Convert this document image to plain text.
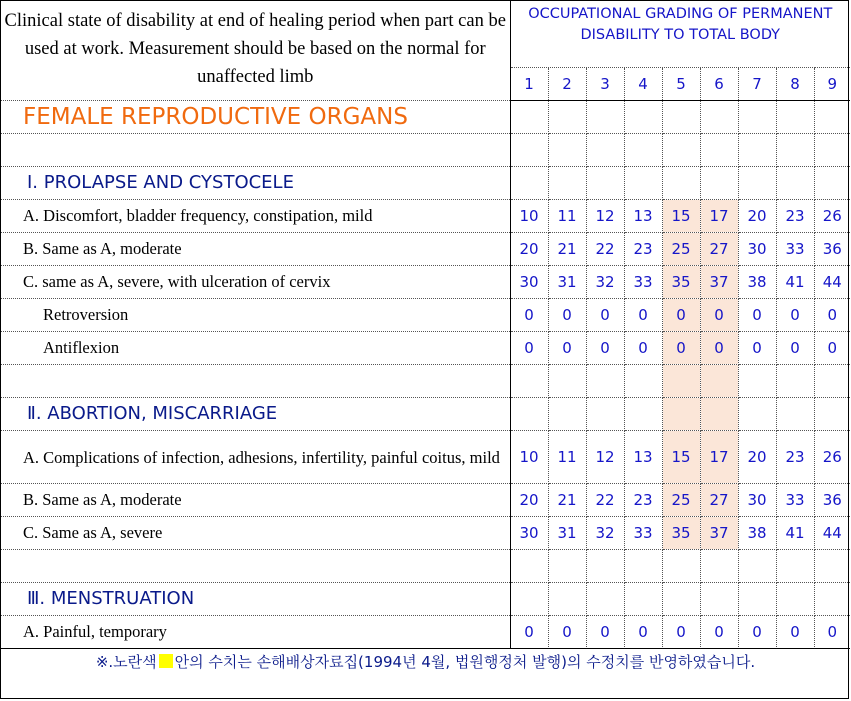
Clinical state of disability at end of healing period when part can be used at work. Measurement should be based on the normal for unaffected limb	OCCUPATIONAL GRADING OF PERMANENT DISABILITY TO TOTAL BODY								
	1	2	3	4	5	6	7	8	9
FEMALE REPRODUCTIVE ORGANS									

Ⅰ. PROLAPSE AND CYSTOCELE									
A. Discomfort, bladder frequency, constipation, mild	10	11	12	13	15	17	20	23	26
B. Same as A, moderate	20	21	22	23	25	27	30	33	36
C. same as A, severe, with ulceration of cervix	30	31	32	33	35	37	38	41	44
Retroversion	0	0	0	0	0	0	0	0	0
Antiflexion	0	0	0	0	0	0	0	0	0

Ⅱ. ABORTION, MISCARRIAGE									
A. Complications of infection, adhesions, infertility, painful coitus, mild	10	11	12	13	15	17	20	23	26
B. Same as A, moderate	20	21	22	23	25	27	30	33	36
C. Same as A, severe	30	31	32	33	35	37	38	41	44

Ⅲ. MENSTRUATION									
A. Painful, temporary	0	0	0	0	0	0	0	0	0
※.노란색 안의 수치는 손해배상자료집(1994년 4월, 법원행정처 발행)의 수정치를 반영하였습니다.
